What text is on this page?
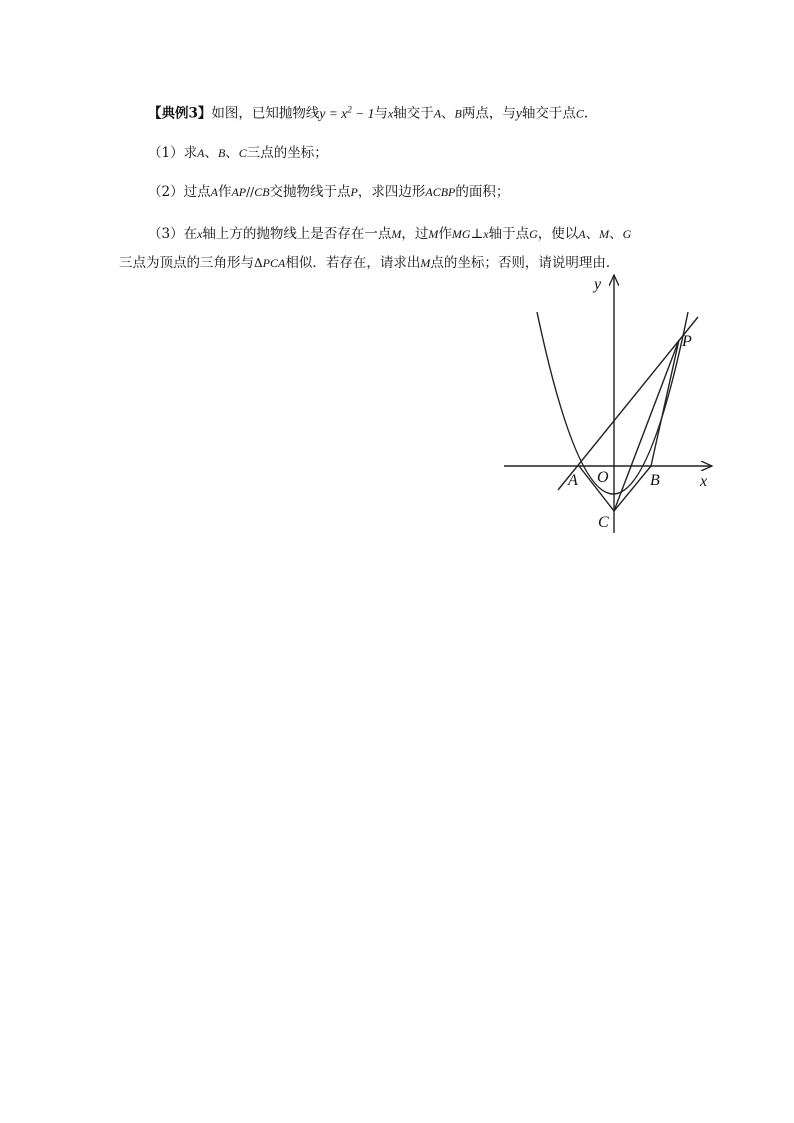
【典例3】如图，已知抛物线$y = x^2 - 1$与x轴交于A、B两点，与y轴交于点C.
（1）求A、B、C三点的坐标；
（2）过点A作AP//CB交抛物线于点P，求四边形ACBP的面积；
（3）在x轴上方的抛物线上是否存在一点M，过M作MG⊥x轴于点G，使以A、M、G
三点为顶点的三角形与ΔPCA相似．若存在，请求出M点的坐标；否则，请说明理由．
y
x
P
A O	B
C
